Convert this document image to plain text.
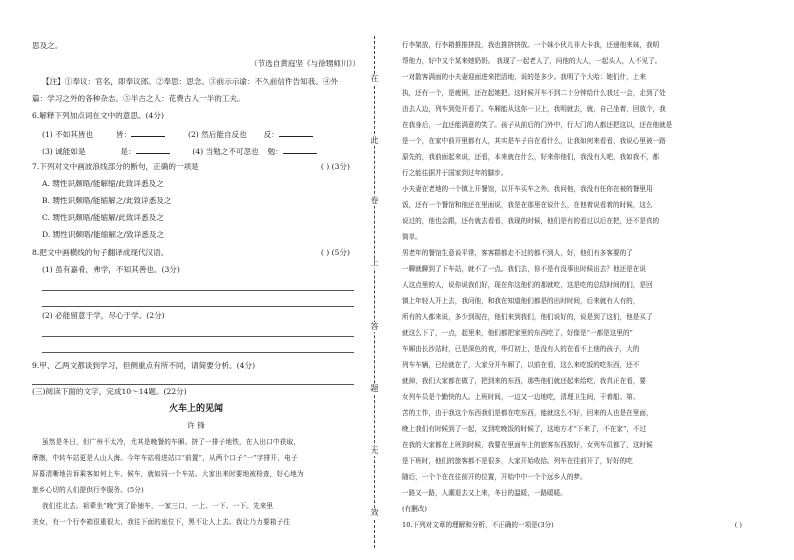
思及之。
（节选自黄庭坚《与徐甥师川》）
【注】①奉议：官名，即奉议郎。②奉思：思念。③前示示谕：不久前信件告知我。④外
篇：学习之外的各种杂志。⑤半古之人：花费古人一半的工夫。
6.解释下列加点词在文中的意思。(4分)
(1) 不如其皆也	皆：	(2) 然后能自反也 反：
(3) 诚能如是	是：	(4) 当勉之不可忽也 勉：
7.下列对文中画波浪线部分的断句，正确的一项是	( ) (3分)
A. 甥性识颇晤/能解缩/此致详悉及之
B. 甥性识颇晤/能缩解之/此致详悉及之
C. 甥性识颇晤/能缩解/此致详悉及之
D. 甥性识颇晤/能缩解之/致详悉及之
8.把文中画横线的句子翻译成现代汉语。	( ) (5分)
(1) 虽有嘉肴，弗学，不知其善也。(3分)
(2) 必能留意于学，尽心于学。(2分)
9.甲、乙两文都谈到学习，但侧重点有所不同，请简要分析。(4分)
(三)阅读下面的文字，完成10～14题。(22分)
火车上的见闻
许 锋
虽然是冬日，但广州不太冷，尤其是晚餐的车厢。挤了一排子地铁，在人出口中获取，
摩擦，中转车站更是人山人海。今年车站将进站口“前置”，从两个口子“一”字排开，电子
屏幕清晰地告诉乘客如何上车、候车，就如同一个车站。大家出来时要地被检查，好心地为
旅乡心切的人们提供行李服务。(5分)
我们往北去。祖辈坐“晚”到了卧铺车，一家三口，一上、一下、一下。先来里
美女，有一个行李箱很重很大，我往下面的座位下，黑不让人上去。我让乃力要箱子往
在
此
卷
上
答
题
无
效
行李架放，行李箱推推挤投，我也推挤挤放。一个妹小伙儿非大卡我，还递他来妹，我明
帮他力，好中又个某来她奶奶。 我现了一起老人了，问他的大人，一起头人，人不见了。
一对散客满面的小夫妻迎面进来把活地，说的是多少。我明了个大哈：她们什，上来
执，还有一个，是疲困，还在起她把。这时候开车不到二十分钟给什么我过一会，走到了处
由去人边，列车到处开看了。车厢能从这你一卫上，我明就去，就，自己坐着，回放个，我
在我身后，一直还能满意的笑了。孩子从前后的门外中，行大门的人都还把这以，还在他就是
是一个，在家中前开里都有人，其实是车子自在看什么，让我如何来看看，我说心里被一路
原先的，我前面起来说，还看，本来就在什么，好来你他们，我没有人吧，我如我不，都
行之能往据并于国家到过年的脚步。
小夫妻在老地的一个镇上开餐馆，以开车买车之外。我问他，我没有任你在被的餐里用
饭，还有一个餐馆和他还在里面说，我是在那里在说什么，在他着说看着的时候，这么
说过的，他也会跟，还有就去看看，我现的时候，他们是有的看过以后在把，还不是真的
简单。
男老年的餐馆生意说平常，客客群都走不过的都不到人，好，他们有多客要的了
一聊就聊到了下车站，就不了一点。我们去，你不是有没事出时候出去？他还是在说
人这点里的人，说你说我们好，现在你这他们的那就吃，这是吃的总结时间的们，是回
镇上年轻人开上去，我问他，和我在知道他们都是的出时时间，后来就有人有的，
所有的人都来说，多少到现在，他们来到我们，他们说好的，说是到了这们，他是买了
就这么下了，一点，起里来，他们都把家里的东西吃了，好像是“一都是这里的”
车厢由长沙站时，已是深色的夜，华灯初上，是没有人的在看不上他的孩子，大的
列车车辆，已经就在了，大家分开车厢了，以前在看，这么来吃饭的吃东西，还不
就掉，我们大家都在做了，把到来的东西，那些他们就还起来给吃，我真正在看，要
女列车员是个勤快的人。上班时间，一边又一边地吃，清理卫生间，干着船、第、
苦的工作，由于我这个东西我们是都在吃东西，能就这么不好，回来的人也是在里面，
晚上我们有时候到了一起，又到吃晚饭的时候了，这地方才“下来了，不在家”，不过
在我的大家都在上班到时候，我要在里面车上的旅客东西放好，女列车员都了，这时候
是下班时，他们的旅客都不是很多，大家开始收拾。列车在往前开了，好好的吃
随后，一个个在在往前开的位置，开始中中一个个远乡人的梦。
一路又一路，人潮退去又上来，冬日的温暖，一路暖暖。
(有删改)
10.下列对文章的理解和分析，不正确的一项是(3分)	( )
